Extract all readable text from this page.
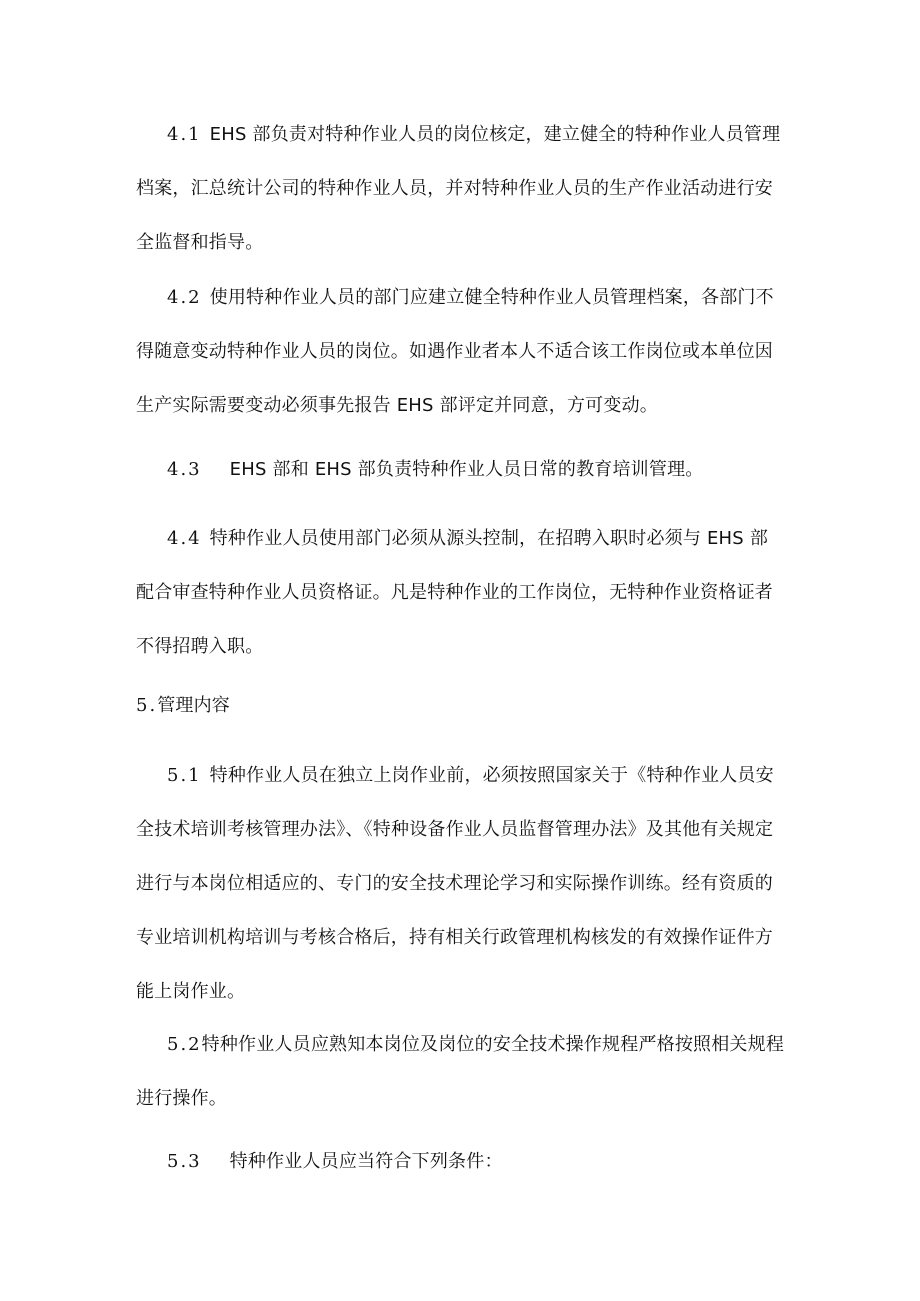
4.1 EHS 部负责对特种作业人员的岗位核定，建立健全的特种作业人员管理档案，汇总统计公司的特种作业人员，并对特种作业人员的生产作业活动进行安全监督和指导。
4.2 使用特种作业人员的部门应建立健全特种作业人员管理档案，各部门不得随意变动特种作业人员的岗位。如遇作业者本人不适合该工作岗位或本单位因生产实际需要变动必须事先报告 EHS 部评定并同意，方可变动。
4.3 EHS 部和 EHS 部负责特种作业人员日常的教育培训管理。
4.4 特种作业人员使用部门必须从源头控制，在招聘入职时必须与 EHS 部配合审查特种作业人员资格证。凡是特种作业的工作岗位，无特种作业资格证者不得招聘入职。
5.管理内容
5.1 特种作业人员在独立上岗作业前，必须按照国家关于《特种作业人员安全技术培训考核管理办法》、《特种设备作业人员监督管理办法》及其他有关规定进行与本岗位相适应的、专门的安全技术理论学习和实际操作训练。经有资质的专业培训机构培训与考核合格后，持有相关行政管理机构核发的有效操作证件方能上岗作业。
5.2特种作业人员应熟知本岗位及岗位的安全技术操作规程严格按照相关规程进行操作。
5.3 特种作业人员应当符合下列条件：
